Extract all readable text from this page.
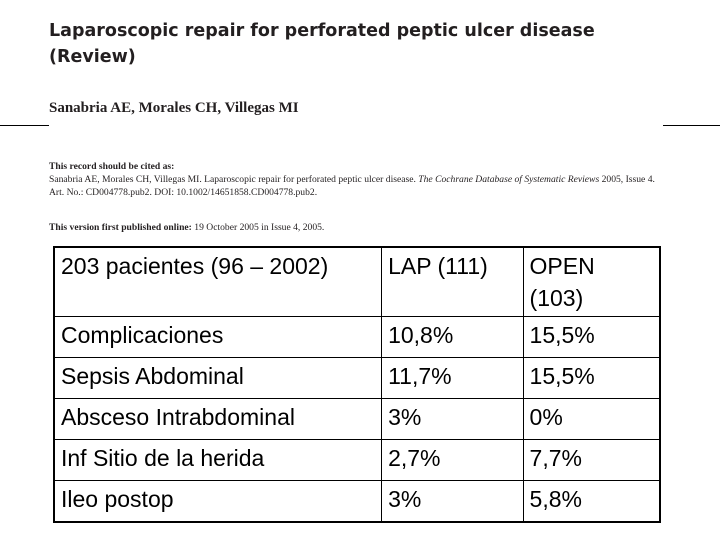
Laparoscopic repair for perforated peptic ulcer disease (Review)
Sanabria AE, Morales CH, Villegas MI
This record should be cited as:

Sanabria AE, Morales CH, Villegas MI. Laparoscopic repair for perforated peptic ulcer disease. The Cochrane Database of Systematic Reviews 2005, Issue 4. Art. No.: CD004778.pub2. DOI: 10.1002/14651858.CD004778.pub2.

This version first published online: 19 October 2005 in Issue 4, 2005.
203 pacientes (96 – 2002)	LAP (111)	OPEN (103)
Complicaciones	10,8%	15,5%
Sepsis Abdominal	11,7%	15,5%
Absceso Intrabdominal	3%	0%
Inf Sitio de la herida	2,7%	7,7%
Ileo postop	3%	5,8%
